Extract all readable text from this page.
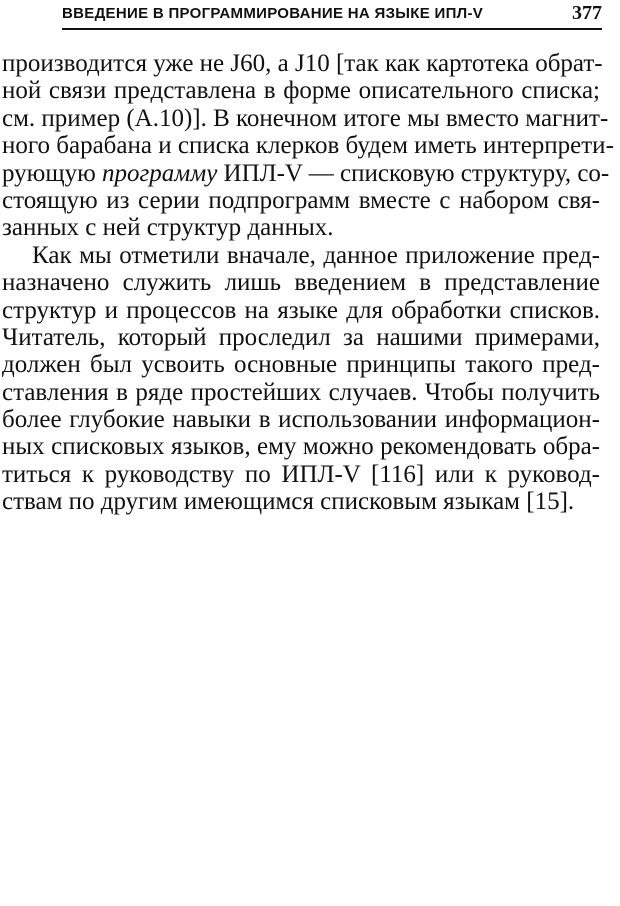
ВВЕДЕНИЕ В ПРОГРАММИРОВАНИЕ НА ЯЗЫКЕ ИПЛ-V	377
производится уже не J60, а J10 [так как картотека обрат-
ной связи представлена в форме описательного списка;
см. пример (A.10)]. В конечном итоге мы вместо магнит-
ного барабана и списка клерков будем иметь интерпрети-
рующую программу ИПЛ-V — списковую структуру, со-
стоящую из серии подпрограмм вместе с набором свя-
занных с ней структур данных.
Как мы отметили вначале, данное приложение пред-
назначено служить лишь введением в представление
структур и процессов на языке для обработки списков.
Читатель, который проследил за нашими примерами,
должен был усвоить основные принципы такого пред-
ставления в ряде простейших случаев. Чтобы получить
более глубокие навыки в использовании информацион-
ных списковых языков, ему можно рекомендовать обра-
титься к руководству по ИПЛ-V [116] или к руковод-
ствам по другим имеющимся списковым языкам [15].
